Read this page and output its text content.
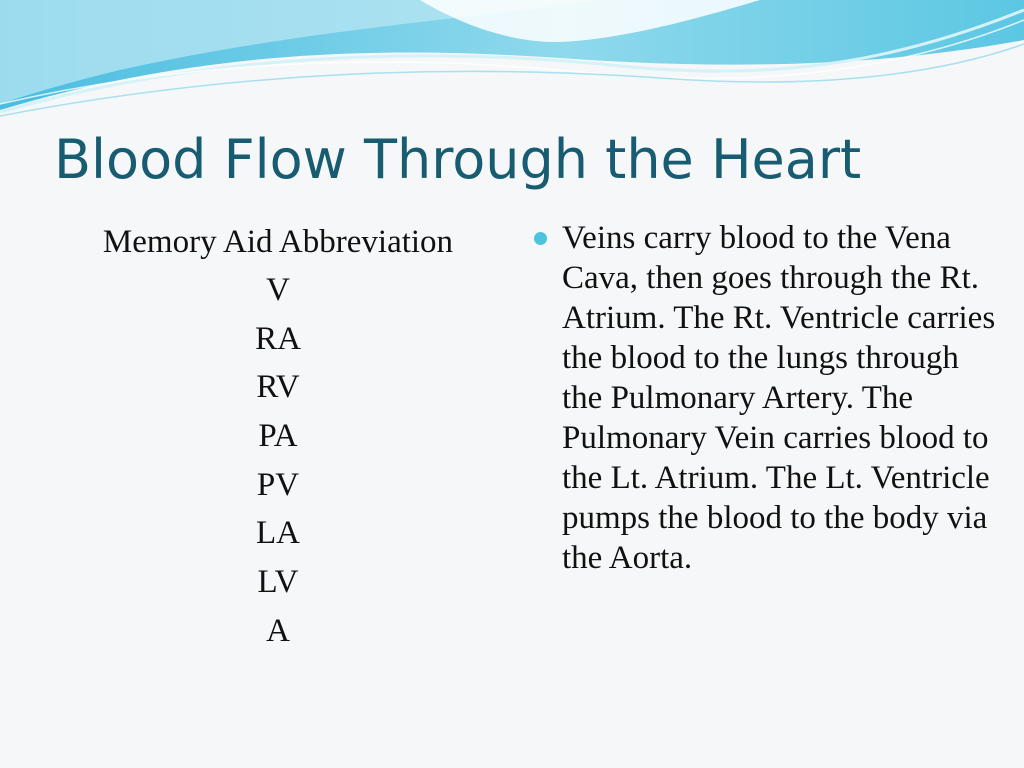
Blood Flow Through the Heart
Memory Aid Abbreviation
V
RA
RV
PA
PV
LA
LV
A

Veins carry blood to the Vena Cava, then goes through the Rt. Atrium. The Rt. Ventricle carries the blood to the lungs through the Pulmonary Artery. The Pulmonary Vein carries blood to the Lt. Atrium. The Lt. Ventricle pumps the blood to the body via the Aorta.
